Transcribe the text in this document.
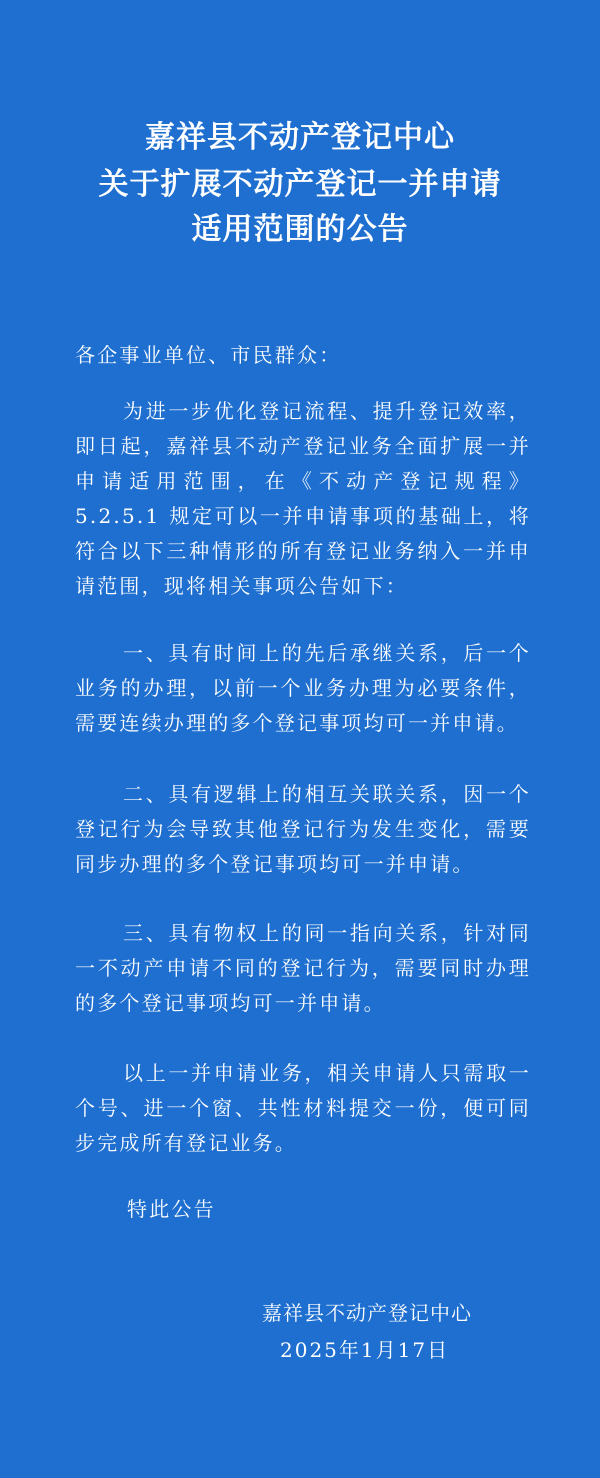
嘉祥县不动产登记中心
关于扩展不动产登记一并申请
适用范围的公告
各企事业单位、市民群众：
为进一步优化登记流程、提升登记效率，即日起，嘉祥县不动产登记业务全面扩展一并申请适用范围，在《不动产登记规程》5.2.5.1 规定可以一并申请事项的基础上，将符合以下三种情形的所有登记业务纳入一并申请范围，现将相关事项公告如下：
一、具有时间上的先后承继关系，后一个业务的办理，以前一个业务办理为必要条件，需要连续办理的多个登记事项均可一并申请。
二、具有逻辑上的相互关联关系，因一个登记行为会导致其他登记行为发生变化，需要同步办理的多个登记事项均可一并申请。
三、具有物权上的同一指向关系，针对同一不动产申请不同的登记行为，需要同时办理的多个登记事项均可一并申请。
以上一并申请业务，相关申请人只需取一个号、进一个窗、共性材料提交一份，便可同步完成所有登记业务。
特此公告
嘉祥县不动产登记中心
2025年1月17日
